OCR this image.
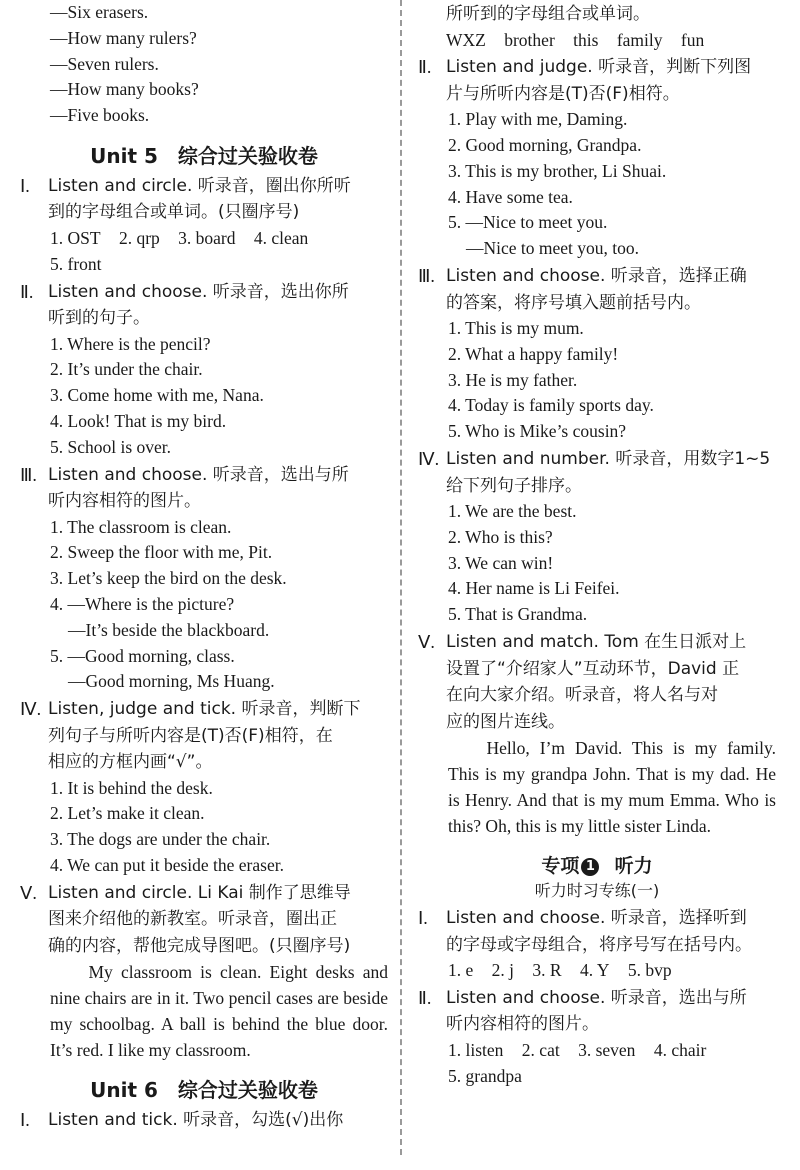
—Six erasers.
—How many rulers?
—Seven rulers.
—How many books?
—Five books.
Unit 5　综合过关验收卷
Ⅰ.	Listen and circle. 听录音，圈出你所听
到的字母组合或单词。(只圈序号)
1. OST 2. qrp 3. board 4. clean
5. front
Ⅱ. Listen and choose. 听录音，选出你所
听到的句子。
1. Where is the pencil?
2. It’s under the chair.
3. Come home with me, Nana.
4. Look! That is my bird.
5. School is over.
Ⅲ. Listen and choose. 听录音，选出与所
听内容相符的图片。
1. The classroom is clean.
2. Sweep the floor with me, Pit.
3. Let’s keep the bird on the desk.
4. —Where is the picture?
—It’s beside the blackboard.
5. —Good morning, class.
—Good morning, Ms Huang.
Ⅳ. Listen, judge and tick. 听录音，判断下
列句子与所听内容是(T)否(F)相符，在
相应的方框内画“√”。
1. It is behind the desk.
2. Let’s make it clean.
3. The dogs are under the chair.
4. We can put it beside the eraser.
Ⅴ. Listen and circle. Li Kai 制作了思维导
图来介绍他的新教室。听录音，圈出正
确的内容，帮他完成导图吧。(只圈序号)

My classroom is clean. Eight desks and nine chairs are in it. Two pencil cases are beside my schoolbag. A ball is behind the blue door. It’s red. I like my classroom.

Unit 6　综合过关验收卷
Ⅰ.	Listen and tick. 听录音，勾选(√)出你
所听到的字母组合或单词。
WXZ brother this family fun
Ⅱ. Listen and judge. 听录音，判断下列图
片与所听内容是(T)否(F)相符。
1. Play with me, Daming.
2. Good morning, Grandpa.
3. This is my brother, Li Shuai.
4. Have some tea.
5. —Nice to meet you.
—Nice to meet you, too.
Ⅲ. Listen and choose. 听录音，选择正确
的答案，将序号填入题前括号内。
1. This is my mum.
2. What a happy family!
3. He is my father.
4. Today is family sports day.
5. Who is Mike’s cousin?
Ⅳ. Listen and number. 听录音，用数字1~5
给下列句子排序。
1. We are the best.
2. Who is this?
3. We can win!
4. Her name is Li Feifei.
5. That is Grandma.
Ⅴ. Listen and match. Tom 在生日派对上
设置了“介绍家人”互动环节，David 正
在向大家介绍。听录音，将人名与对
应的图片连线。

Hello, I’m David. This is my family. This is my grandpa John. That is my dad. He is Henry. And that is my mum Emma. Who is this? Oh, this is my little sister Linda.

专项 1 听力
听力时习专练(一)
Ⅰ.	Listen and choose. 听录音，选择听到
的字母或字母组合，将序号写在括号内。
1. e 2. j 3. R 4. Y 5. bvp
Ⅱ. Listen and choose. 听录音，选出与所
听内容相符的图片。
1. listen 2. cat 3. seven 4. chair
5. grandpa
